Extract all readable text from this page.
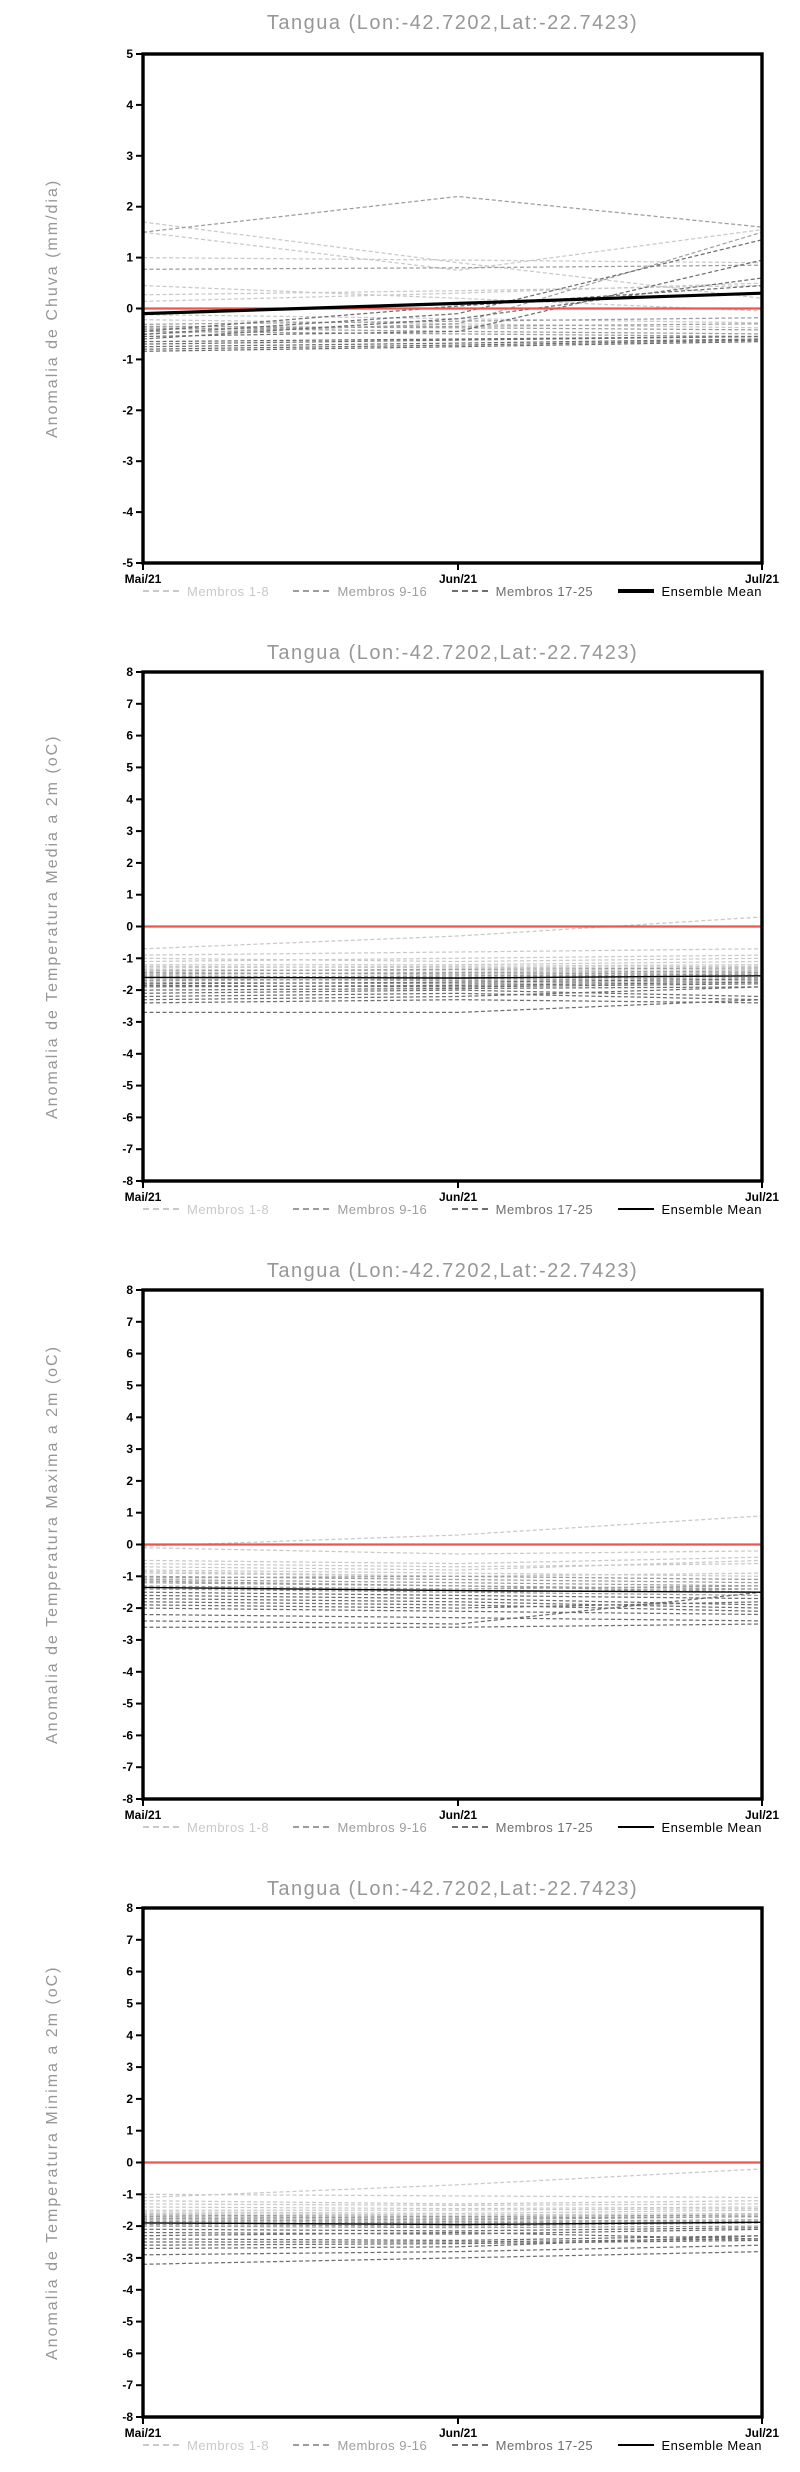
Tangua (Lon:-42.7202,Lat:-22.7423)
Anomalia de Chuva (mm/dia)
-5
-4
-3
-2
-1
0
1
2
3
4
5
Mai/21	Jun/21	Jul/21
Membros 1-8	Membros 9-16	Membros 17-25	Ensemble Mean
Tangua (Lon:-42.7202,Lat:-22.7423)
Anomalia de Temperatura Media a 2m (oC)
-8
-7
-6
-5
-4
-3
-2
-1
0
1
2
3
4
5
6
7
8
Mai/21	Jun/21	Jul/21
Membros 1-8	Membros 9-16	Membros 17-25	Ensemble Mean
Tangua (Lon:-42.7202,Lat:-22.7423)
Anomalia de Temperatura Maxima a 2m (oC)
-8
-7
-6
-5
-4
-3
-2
-1
0
1
2
3
4
5
6
7
8
Mai/21	Jun/21	Jul/21
Membros 1-8	Membros 9-16	Membros 17-25	Ensemble Mean
Tangua (Lon:-42.7202,Lat:-22.7423)
Anomalia de Temperatura Minima a 2m (oC)
-8
-7
-6
-5
-4
-3
-2
-1
0
1
2
3
4
5
6
7
8
Mai/21	Jun/21	Jul/21
Membros 1-8	Membros 9-16	Membros 17-25	Ensemble Mean
